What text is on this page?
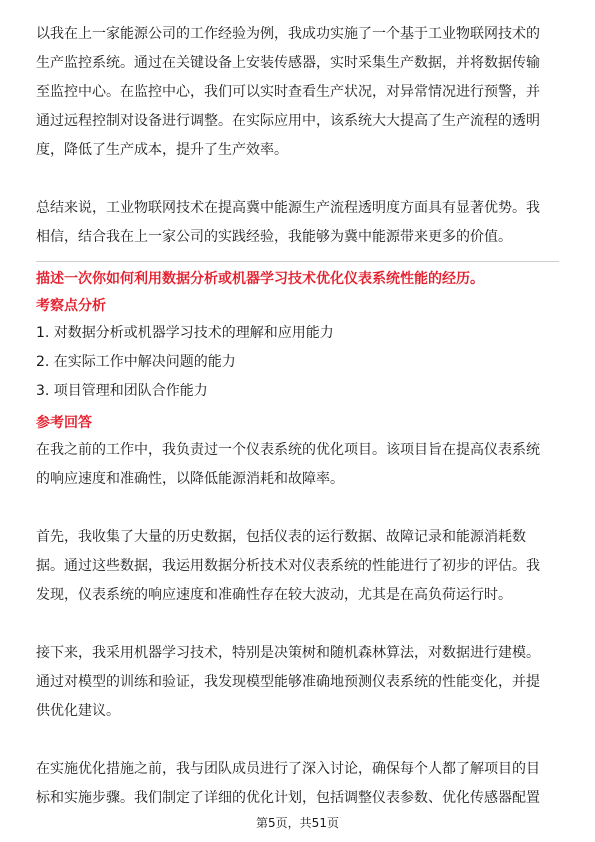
以我在上一家能源公司的工作经验为例，我成功实施了一个基于工业物联网技术的

生产监控系统。通过在关键设备上安装传感器，实时采集生产数据，并将数据传输

至监控中心。在监控中心，我们可以实时查看生产状况，对异常情况进行预警，并

通过远程控制对设备进行调整。在实际应用中，该系统大大提高了生产流程的透明

度，降低了生产成本，提升了生产效率。

总结来说，工业物联网技术在提高冀中能源生产流程透明度方面具有显著优势。我

相信，结合我在上一家公司的实践经验，我能够为冀中能源带来更多的价值。

描述一次你如何利用数据分析或机器学习技术优化仪表系统性能的经历。

考察点分析

1. 对数据分析或机器学习技术的理解和应用能力

2. 在实际工作中解决问题的能力

3. 项目管理和团队合作能力

参考回答

在我之前的工作中，我负责过一个仪表系统的优化项目。该项目旨在提高仪表系统

的响应速度和准确性，以降低能源消耗和故障率。

首先，我收集了大量的历史数据，包括仪表的运行数据、故障记录和能源消耗数

据。通过这些数据，我运用数据分析技术对仪表系统的性能进行了初步的评估。我

发现，仪表系统的响应速度和准确性存在较大波动，尤其是在高负荷运行时。

接下来，我采用机器学习技术，特别是决策树和随机森林算法，对数据进行建模。

通过对模型的训练和验证，我发现模型能够准确地预测仪表系统的性能变化，并提

供优化建议。

在实施优化措施之前，我与团队成员进行了深入讨论，确保每个人都了解项目的目

标和实施步骤。我们制定了详细的优化计划，包括调整仪表参数、优化传感器配置

第5页，共51页
